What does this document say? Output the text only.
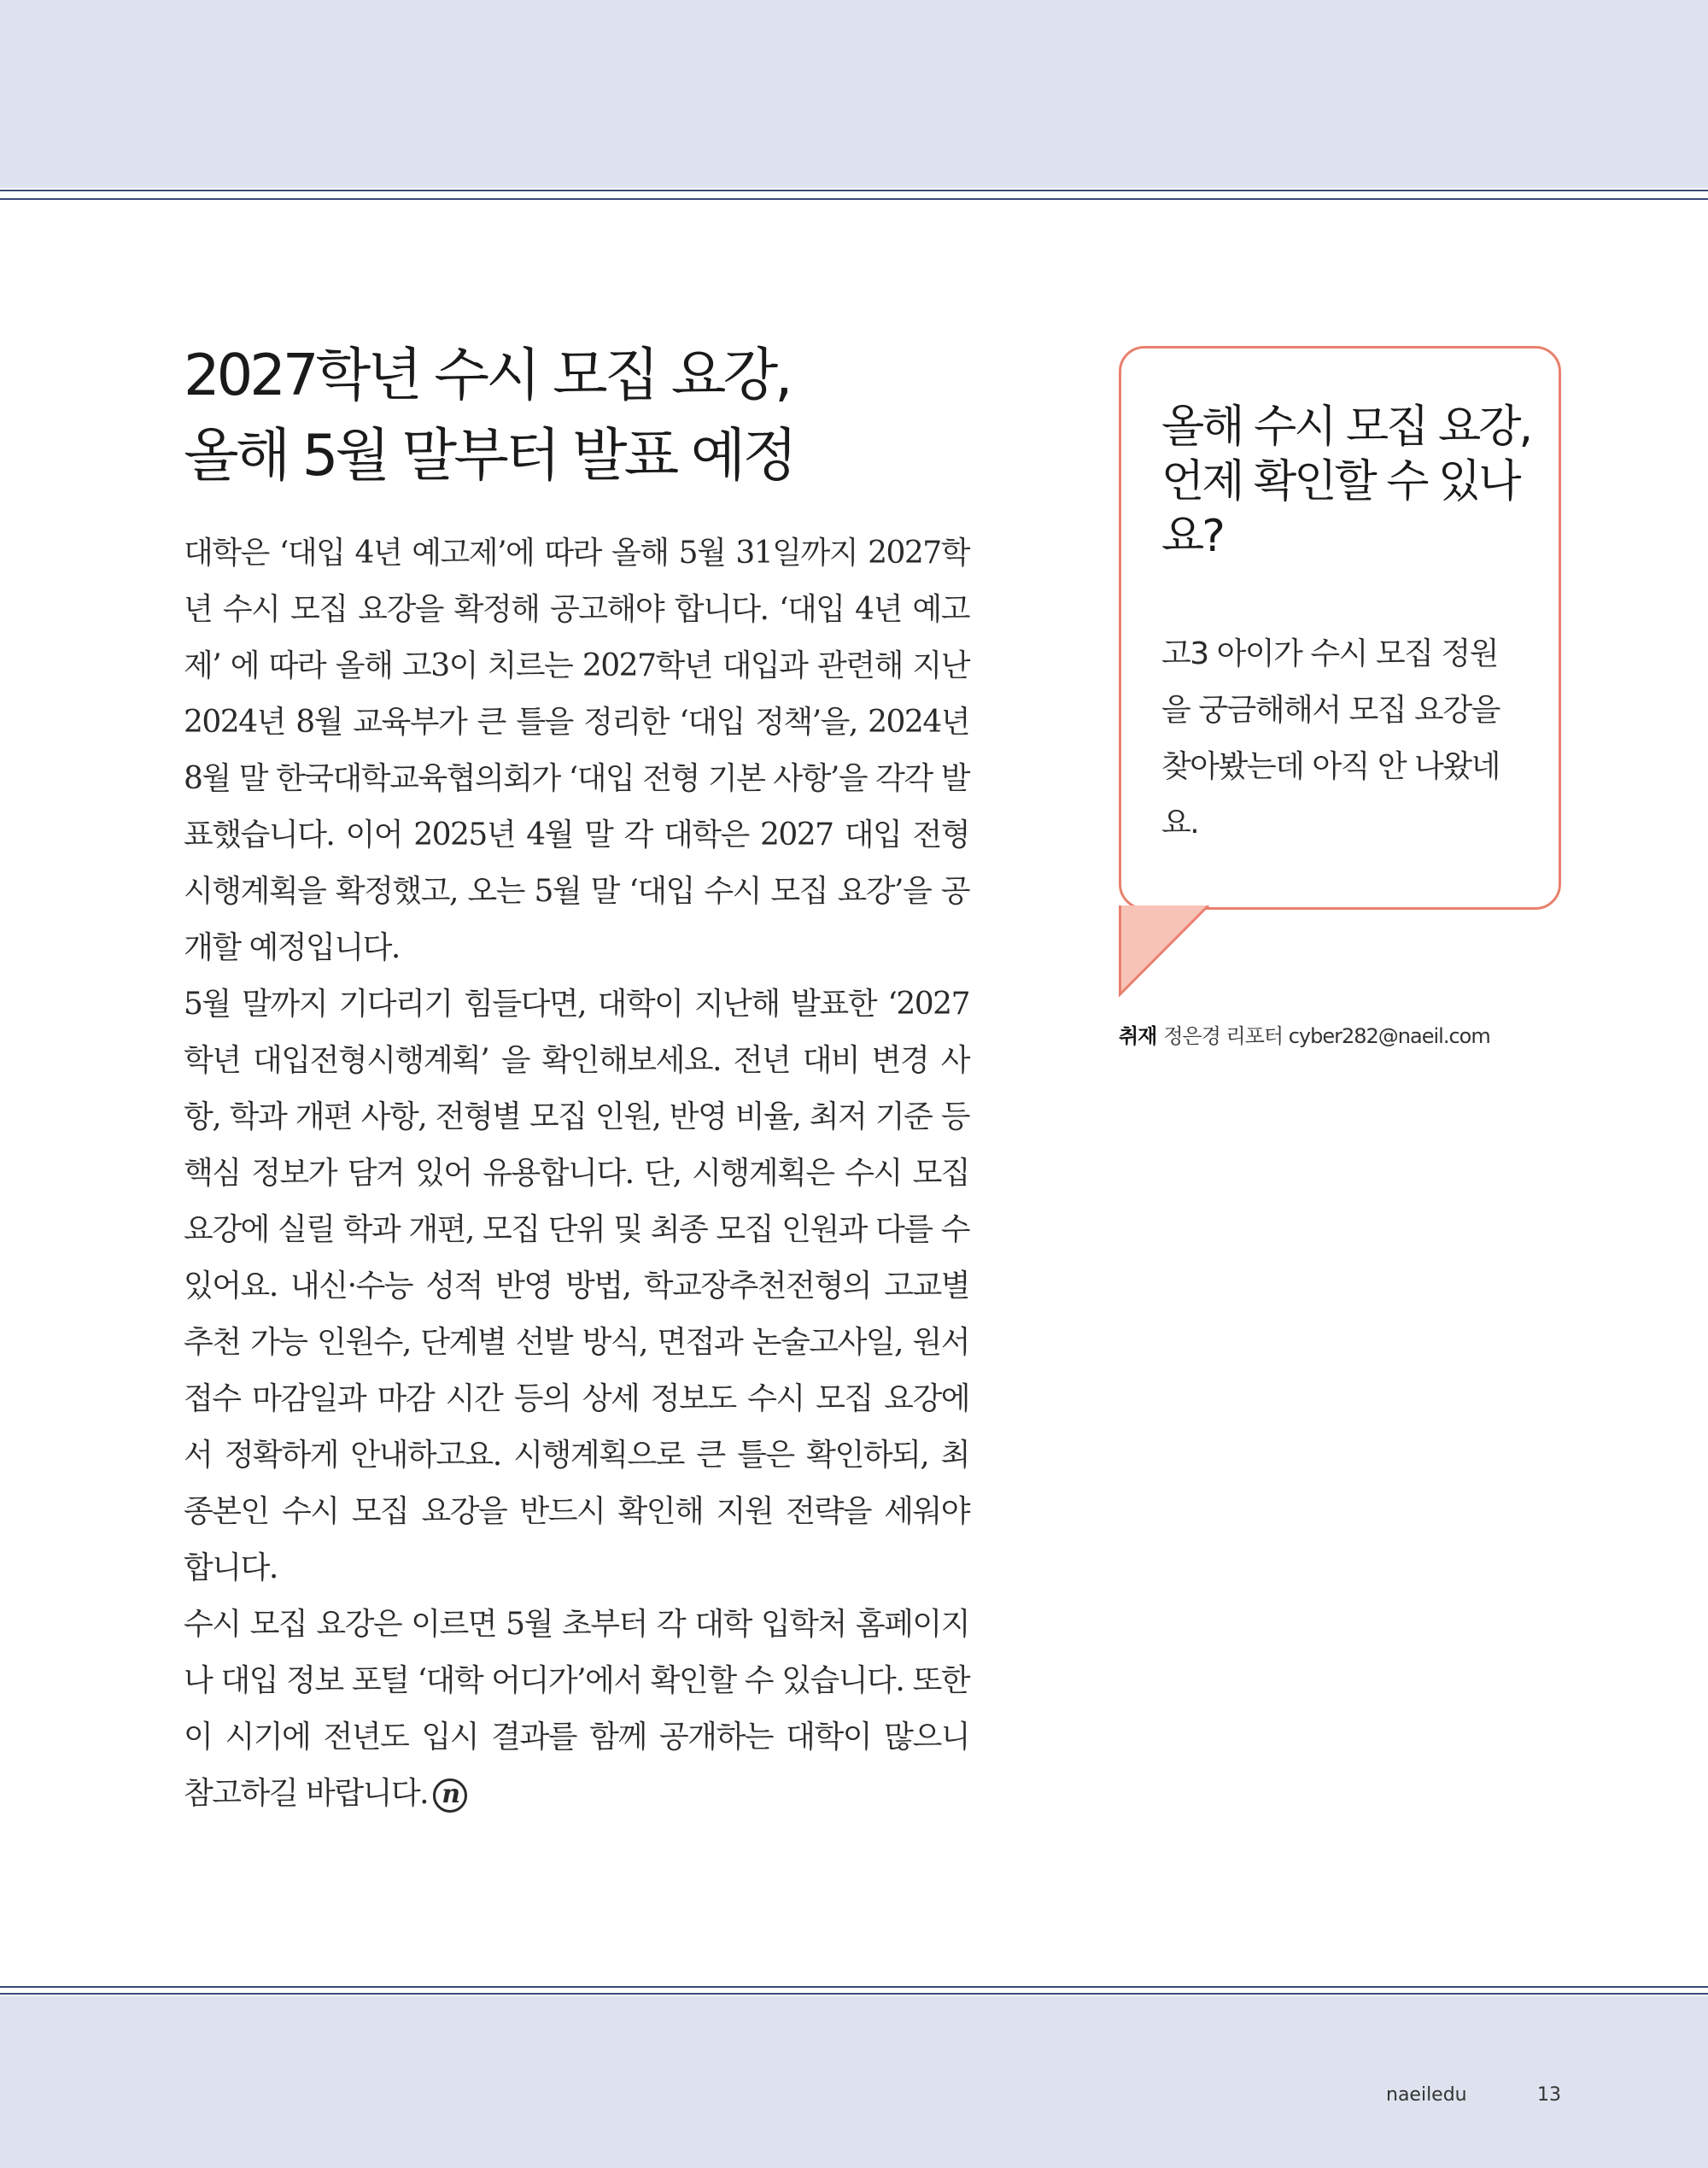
2027학년 수시 모집 요강,
올해 5월 말부터 발표 예정

대학은 ‘대입 4년 예고제’에 따라 올해 5월 31일까지 2027학년 수시 모집 요강을 확정해 공고해야 합니다. ‘대입 4년 예고제’ 에 따라 올해 고3이 치르는 2027학년 대입과 관련해 지난 2024년 8월 교육부가 큰 틀을 정리한 ‘대입 정책’을, 2024년 8월 말 한국대학교육협의회가 ‘대입 전형 기본 사항’을 각각 발표했습니다. 이어 2025년 4월 말 각 대학은 2027 대입 전형 시행계획을 확정했고, 오는 5월 말 ‘대입 수시 모집 요강’을 공개할 예정입니다.

5월 말까지 기다리기 힘들다면, 대학이 지난해 발표한 ‘2027학년 대입전형시행계획’ 을 확인해보세요. 전년 대비 변경 사항, 학과 개편 사항, 전형별 모집 인원, 반영 비율, 최저 기준 등 핵심 정보가 담겨 있어 유용합니다. 단, 시행계획은 수시 모집 요강에 실릴 학과 개편, 모집 단위 및 최종 모집 인원과 다를 수 있어요. 내신·수능 성적 반영 방법, 학교장추천전형의 고교별 추천 가능 인원수, 단계별 선발 방식, 면접과 논술고사일, 원서 접수 마감일과 마감 시간 등의 상세 정보도 수시 모집 요강에서 정확하게 안내하고요. 시행계획으로 큰 틀은 확인하되, 최종본인 수시 모집 요강을 반드시 확인해 지원 전략을 세워야 합니다.

수시 모집 요강은 이르면 5월 초부터 각 대학 입학처 홈페이지나 대입 정보 포털 ‘대학 어디가’에서 확인할 수 있습니다. 또한 이 시기에 전년도 입시 결과를 함께 공개하는 대학이 많으니 참고하길 바랍니다. n

올해 수시 모집 요강, 언제 확인할 수 있나요?

고3 아이가 수시 모집 정원을 궁금해해서 모집 요강을 찾아봤는데 아직 안 나왔네요.

취재 정은경 리포터 cyber282@naeil.com
naeiledu	13
